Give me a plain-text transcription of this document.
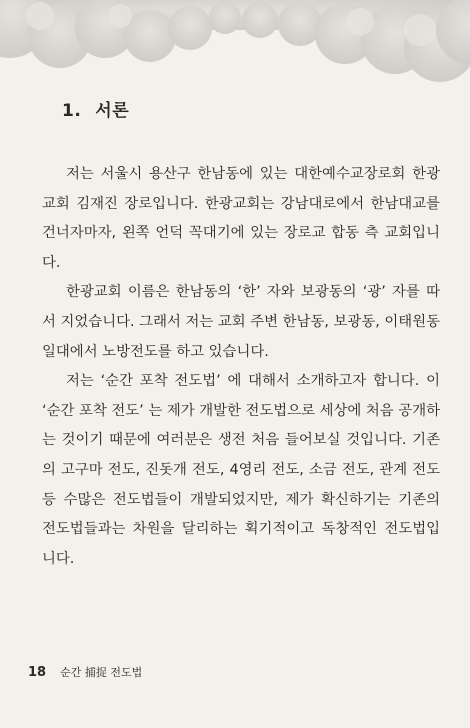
1. 서론

저는 서울시 용산구 한남동에 있는 대한예수교장로회 한광교회 김재진 장로입니다. 한광교회는 강남대로에서 한남대교를 건너자마자, 왼쪽 언덕 꼭대기에 있는 장로교 합동 측 교회입니다.

한광교회 이름은 한남동의 ‘한’ 자와 보광동의 ‘광’ 자를 따서 지었습니다. 그래서 저는 교회 주변 한남동, 보광동, 이태원동 일대에서 노방전도를 하고 있습니다.

저는 ‘순간 포착 전도법’ 에 대해서 소개하고자 합니다. 이 ‘순간 포착 전도’ 는 제가 개발한 전도법으로 세상에 처음 공개하는 것이기 때문에 여러분은 생전 처음 들어보실 것입니다. 기존의 고구마 전도, 진돗개 전도, 4영리 전도, 소금 전도, 관계 전도 등 수많은 전도법들이 개발되었지만, 제가 확신하기는 기존의 전도법들과는 차원을 달리하는 획기적이고 독창적인 전도법입니다.

18 순간 捕捉 전도법
